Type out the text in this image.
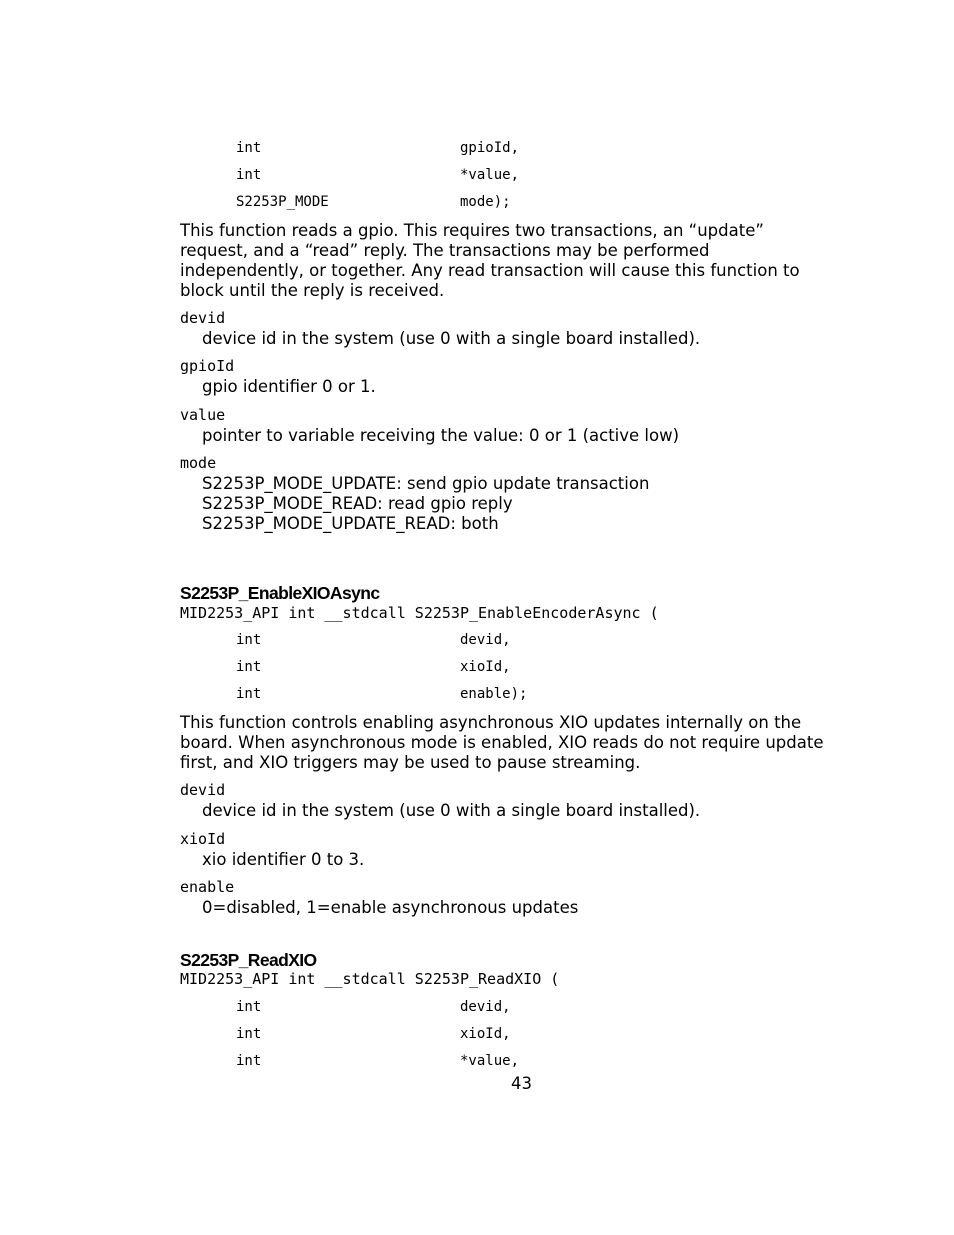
int	gpioId,
int	*value,
S2253P_MODE	mode);
This function reads a gpio. This requires two transactions, an “update”
request, and a “read” reply. The transactions may be performed
independently, or together. Any read transaction will cause this function to
block until the reply is received.
devid
device id in the system (use 0 with a single board installed).
gpioId
gpio identifier 0 or 1.
value
pointer to variable receiving the value: 0 or 1 (active low)
mode
S2253P_MODE_UPDATE: send gpio update transaction
S2253P_MODE_READ: read gpio reply
S2253P_MODE_UPDATE_READ: both
S2253P_EnableXIOAsync
MID2253_API int __stdcall S2253P_EnableEncoderAsync (
int	devid,
int	xioId,
int	enable);
This function controls enabling asynchronous XIO updates internally on the
board. When asynchronous mode is enabled, XIO reads do not require update
first, and XIO triggers may be used to pause streaming.
devid
device id in the system (use 0 with a single board installed).
xioId
xio identifier 0 to 3.
enable
0=disabled, 1=enable asynchronous updates
S2253P_ReadXIO
MID2253_API int __stdcall S2253P_ReadXIO (
int	devid,
int	xioId,
int	*value,
43
